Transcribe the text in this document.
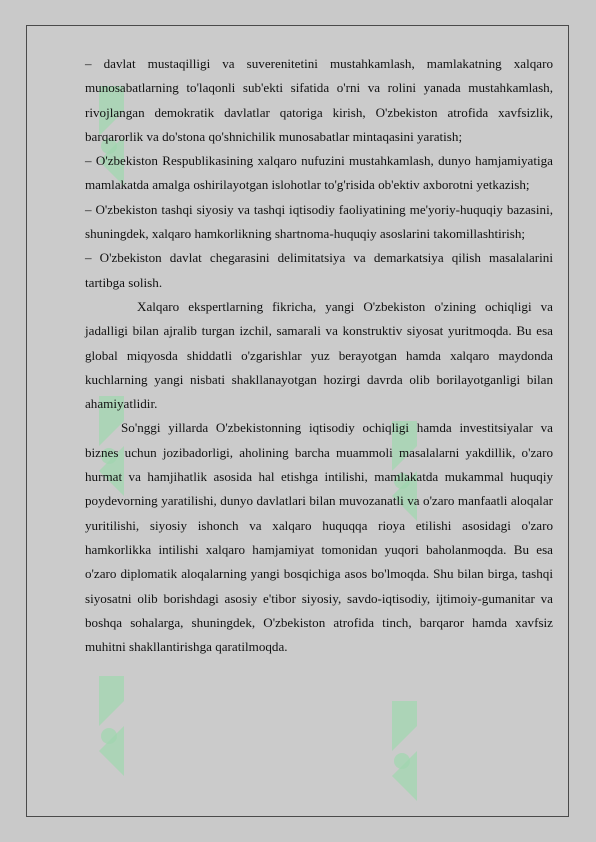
– davlat mustaqilligi va suverenitetini mustahkamlash, mamlakatning xalqaro munosabatlarning to'laqonli sub'ekti sifatida o'rni va rolini yanada mustahkamlash, rivojlangan demokratik davlatlar qatoriga kirish, O'zbekiston atrofida xavfsizlik, barqarorlik va do'stona qo'shnichilik munosabatlar mintaqasini yaratish;

– O'zbekiston Respublikasining xalqaro nufuzini mustahkamlash, dunyo hamjamiyatiga mamlakatda amalga oshirilayotgan islohotlar to'g'risida ob'ektiv axborotni yetkazish;

– O'zbekiston tashqi siyosiy va tashqi iqtisodiy faoliyatining me'yoriy-huquqiy bazasini, shuningdek, xalqaro hamkorlikning shartnoma-huquqiy asoslarini takomillashtirish;

– O'zbekiston davlat chegarasini delimitatsiya va demarkatsiya qilish masalalarini tartibga solish.

Xalqaro ekspertlarning fikricha, yangi O'zbekiston o'zining ochiqligi va jadalligi bilan ajralib turgan izchil, samarali va konstruktiv siyosat yuritmoqda. Bu esa global miqyosda shiddatli o'zgarishlar yuz berayotgan hamda xalqaro maydonda kuchlarning yangi nisbati shakllanayotgan hozirgi davrda olib borilayotganligi bilan ahamiyatlidir.

So'nggi yillarda O'zbekistonning iqtisodiy ochiqligi hamda investitsiyalar va biznes uchun jozibadorligi, aholining barcha muammoli masalalarni yakdillik, o'zaro hurmat va hamjihatlik asosida hal etishga intilishi, mamlakatda mukammal huquqiy poydevorning yaratilishi, dunyo davlatlari bilan muvozanatli va o'zaro manfaatli aloqalar yuritilishi, siyosiy ishonch va xalqaro huquqqa rioya etilishi asosidagi o'zaro hamkorlikka intilishi xalqaro hamjamiyat tomonidan yuqori baholanmoqda. Bu esa o'zaro diplomatik aloqalarning yangi bosqichiga asos bo'lmoqda. Shu bilan birga, tashqi siyosatni olib borishdagi asosiy e'tibor siyosiy, savdo-iqtisodiy, ijtimoiy-gumanitar va boshqa sohalarga, shuningdek, O'zbekiston atrofida tinch, barqaror hamda xavfsiz muhitni shakllantirishga qaratilmoqda.
